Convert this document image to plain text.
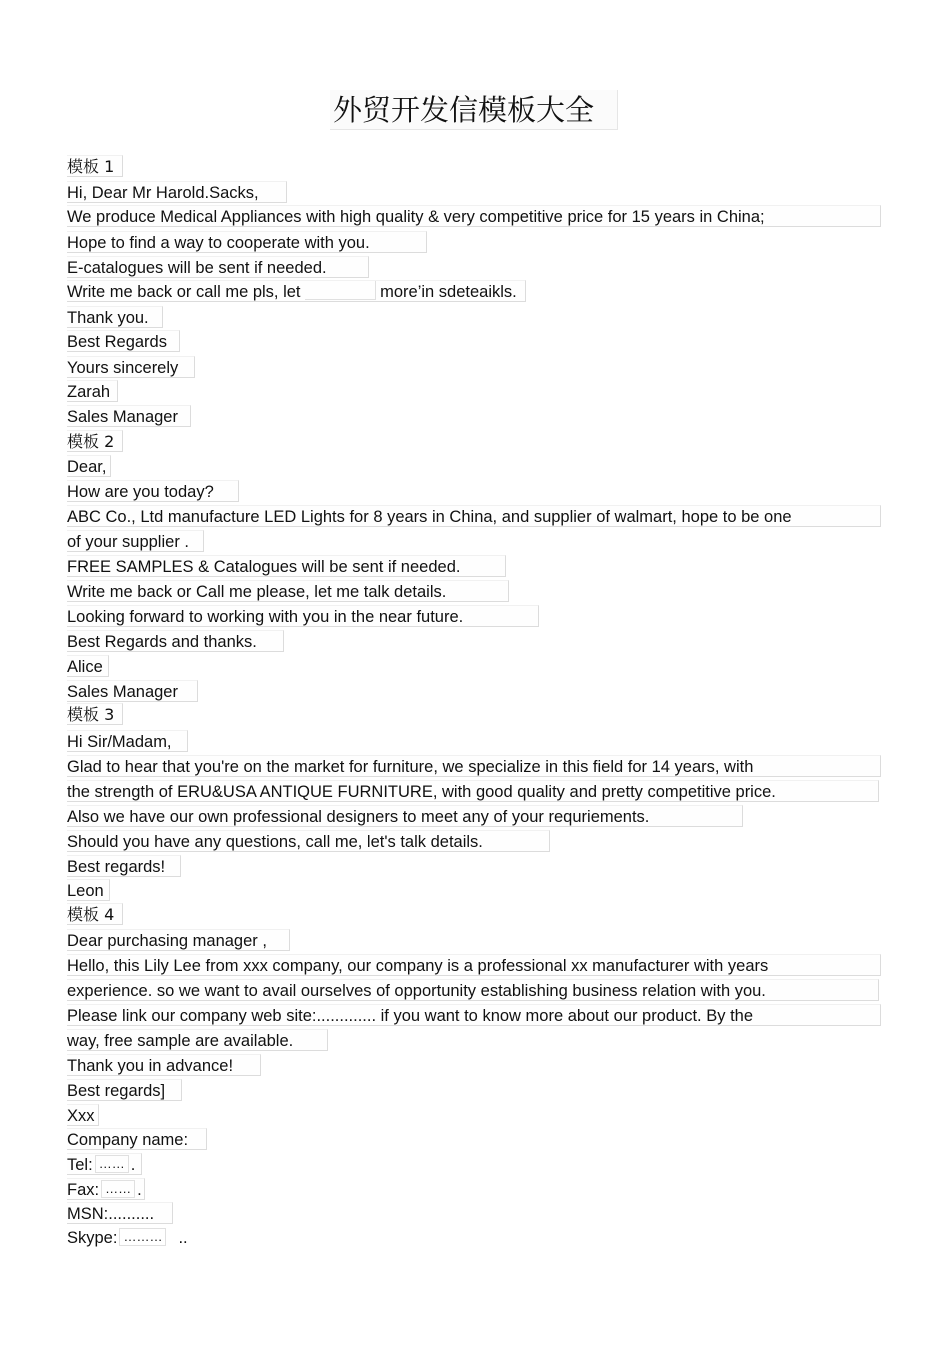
外贸开发信模板大全
模板 1
Hi, Dear Mr Harold.Sacks,
We produce Medical Appliances with high quality & very competitive price for 15 years in China;
Hope to find a way to cooperate with you.
E-catalogues will be sent if needed.
Write me back or call me pls, let	more’in sdeteaikls.
Thank you.
Best Regards
Yours sincerely
Zarah
Sales Manager
模板 2
Dear,
How are you today?
ABC Co., Ltd manufacture LED Lights for 8 years in China, and supplier of walmart, hope to be one
of your supplier .
FREE SAMPLES & Catalogues will be sent if needed.
Write me back or Call me please, let me talk details.
Looking forward to working with you in the near future.
Best Regards and thanks.
Alice
Sales Manager
模板 3
Hi Sir/Madam,
Glad to hear that you're on the market for furniture, we specialize in this field for 14 years, with
the strength of ERU&USA ANTIQUE FURNITURE, with good quality and pretty competitive price.
Also we have our own professional designers to meet any of your requriements.
Should you have any questions, call me, let's talk details.
Best regards!
Leon
模板 4
Dear purchasing manager ,
Hello, this Lily Lee from xxx company, our company is a professional xx manufacturer with years
experience. so we want to avail ourselves of opportunity establishing business relation with you.
Please link our company web site:............. if you want to know more about our product. By the
way, free sample are available.
Thank you in advance!
Best regards]
Xxx
Company name:
Tel: …… .
Fax: …… .
MSN:..........
Skype: ……… ..
